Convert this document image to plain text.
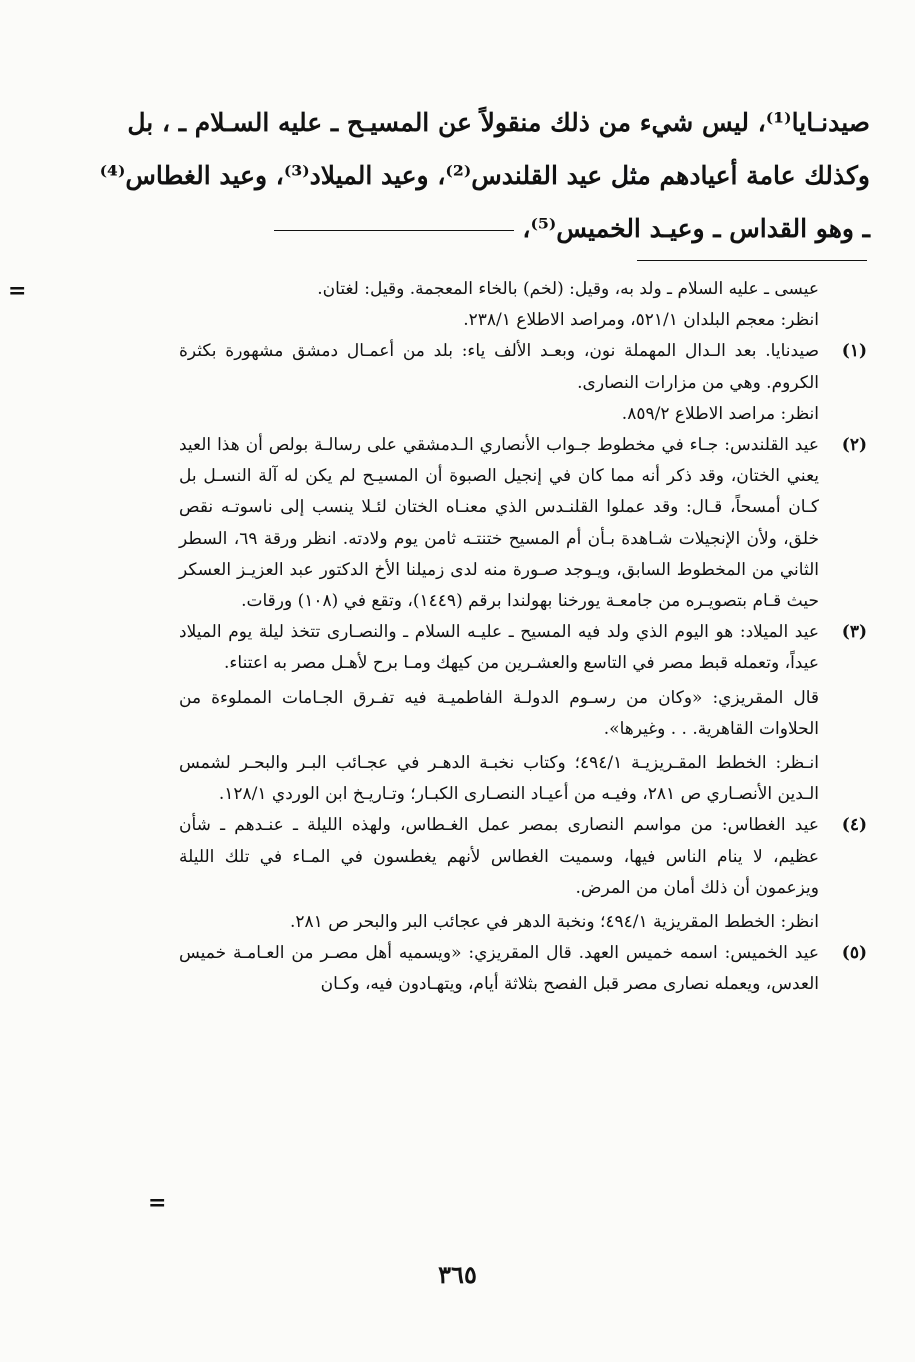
صيدنـايا⁽¹⁾، ليس شيء من ذلك منقولاً عن المسيـح ـ عليه السـلام ـ ، بل
وكذلك عامة أعيادهم مثل عيد القلندس⁽²⁾، وعيد الميلاد⁽³⁾، وعيد الغطاس⁽⁴⁾
ـ وهو القداس ـ وعيـد الخميس⁽⁵⁾،
=	عيسى ـ عليه السلام ـ ولد به، وقيل: (لخم) بالخاء المعجمة. وقيل: لغتان.

انظر: معجم البلدان ٥٢١/١، ومراصد الاطلاع ٢٣٨/١.

(١)

صيدنايا. بعد الـدال المهملة نون، وبعـد الألف ياء: بلد من أعمـال دمشق مشهورة بكثرة الكروم. وهي من مزارات النصارى.

انظر: مراصد الاطلاع ٨٥٩/٢.

(٢)

عيد القلندس: جـاء في مخطوط جـواب الأنصاري الـدمشقي على رسالـة بولص أن هذا العيد يعني الختان، وقد ذكر أنه مما كان في إنجيل الصبوة أن المسيـح لم يكن له آلة النسـل بل كـان أمسحاً، قـال: وقد عملوا القلنـدس الذي معنـاه الختان لئـلا ينسب إلى ناسوتـه نقص خلق، ولأن الإنجيلات شـاهدة بـأن أم المسيح ختنتـه ثامن يوم ولادته. انظر ورقة ٦٩، السطر الثاني من المخطوط السابق، ويـوجد صـورة منه لدى زميلنا الأخ الدكتور عبد العزيـز العسكر حيث قـام بتصويـره من جامعـة يورخنا بهولندا برقم (١٤٤٩)، وتقع في (١٠٨) ورقات.

(٣)

عيد الميلاد: هو اليوم الذي ولد فيه المسيح ـ عليـه السلام ـ والنصـارى تتخذ ليلة يوم الميلاد عيداً، وتعمله قبط مصر في التاسع والعشـرين من كيهك ومـا برح لأهـل مصر به اعتناء.

قال المقريزي: «وكان من رسـوم الدولـة الفاطميـة فيه تفـرق الجـامات المملوءة من الحلاوات القاهرية. . . وغيرها».

انـظر: الخطط المقـريزيـة ٤٩٤/١؛ وكتاب نخبـة الدهـر في عجـائب البـر والبحـر لشمس الـدين الأنصـاري ص ٢٨١، وفيـه من أعيـاد النصـارى الكبـار؛ وتـاريـخ ابن الوردي ١٢٨/١.

(٤)

عيد الغطاس: من مواسم النصارى بمصر عمل الغـطاس، ولهذه الليلة ـ عنـدهم ـ شأن عظيم، لا ينام الناس فيها، وسميت الغطاس لأنهم يغطسون في المـاء في تلك الليلة ويزعمون أن ذلك أمان من المرض.

انظر: الخطط المقريزية ٤٩٤/١؛ ونخبة الدهر في عجائب البر والبحر ص ٢٨١.

(٥)

عيد الخميس: اسمه خميس العهد. قال المقريزي: «ويسميه أهل مصـر من العـامـة خميس العدس، ويعمله نصارى مصر قبل الفصح بثلاثة أيام، ويتهـادون فيه، وكـان

=
٣٦٥
